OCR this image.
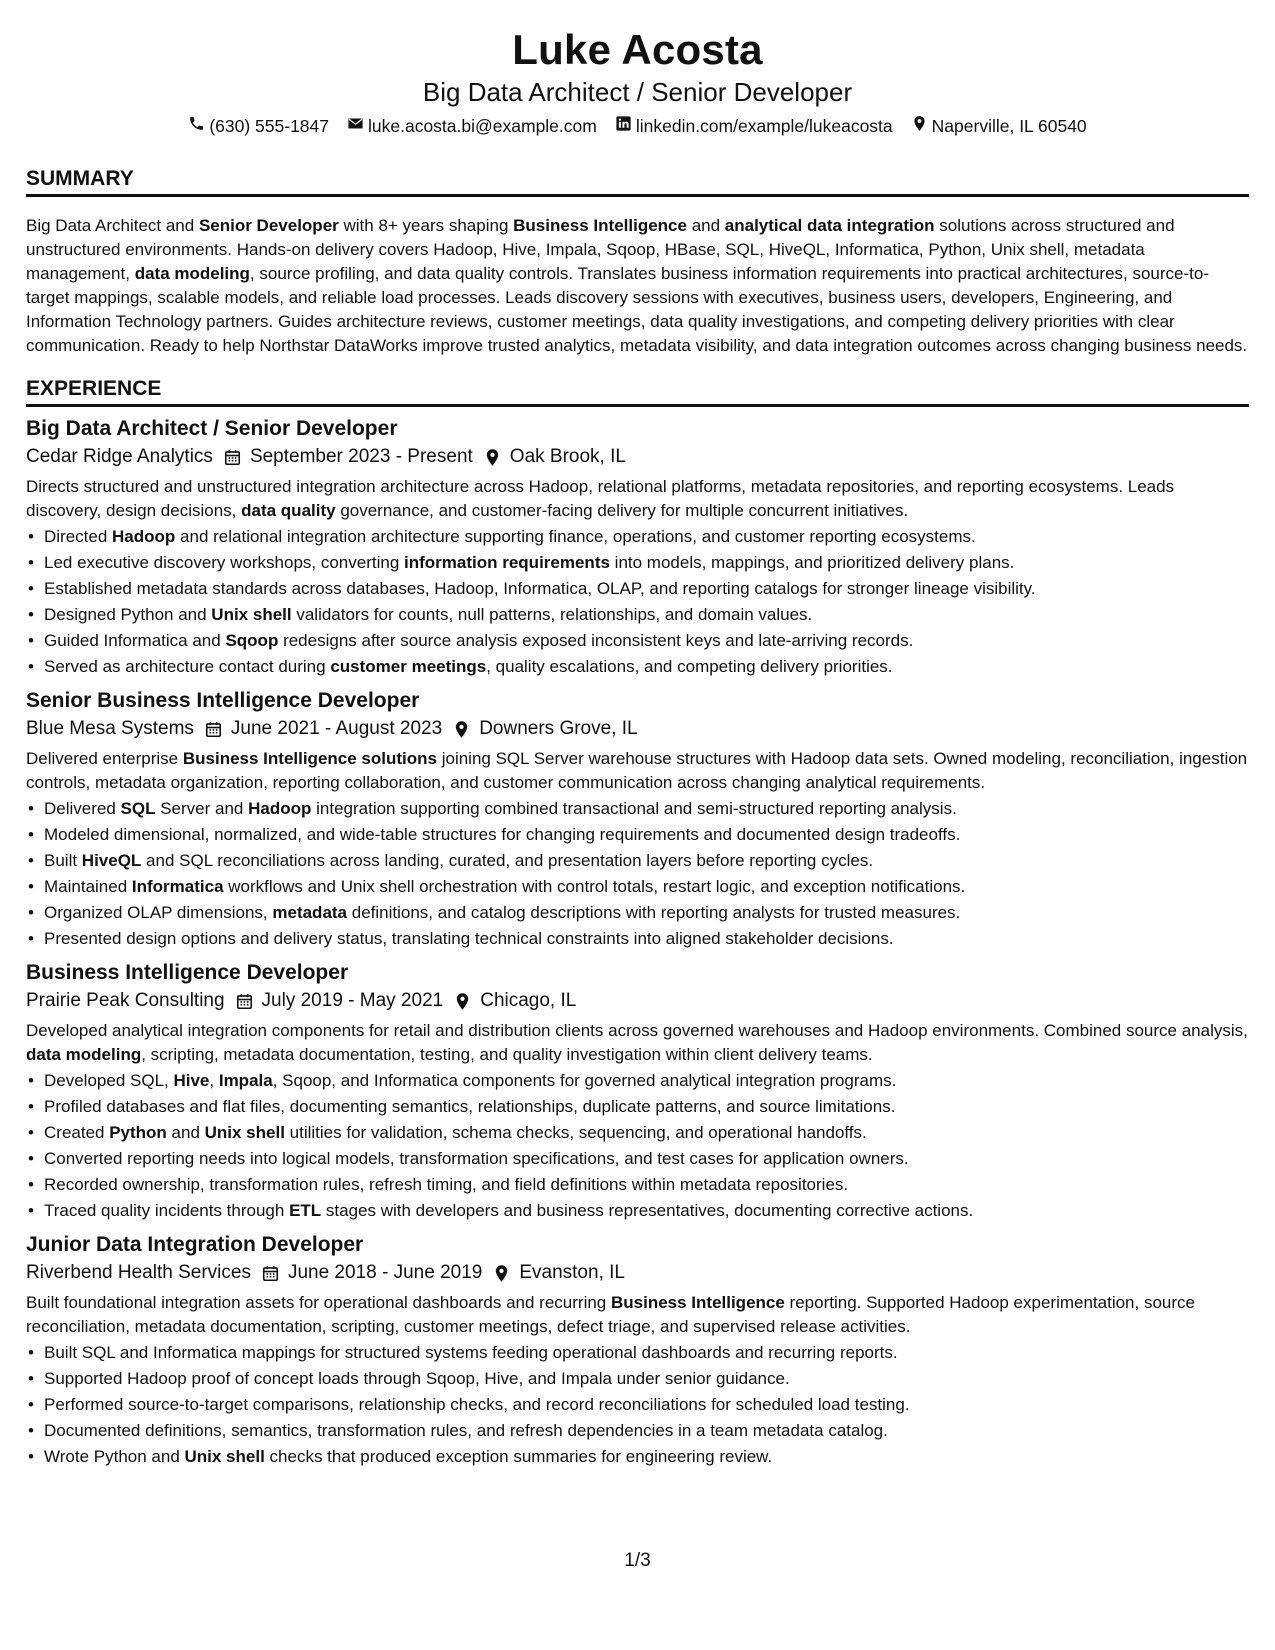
Luke Acosta
Big Data Architect / Senior Developer
(630) 555-1847 luke.acosta.bi@example.com linkedin.com/example/lukeacosta Naperville, IL 60540
SUMMARY

Big Data Architect and Senior Developer with 8+ years shaping Business Intelligence and analytical data integration solutions across structured and unstructured environments. Hands-on delivery covers Hadoop, Hive, Impala, Sqoop, HBase, SQL, HiveQL, Informatica, Python, Unix shell, metadata management, data modeling, source profiling, and data quality controls. Translates business information requirements into practical architectures, source-to-target mappings, scalable models, and reliable load processes. Leads discovery sessions with executives, business users, developers, Engineering, and Information Technology partners. Guides architecture reviews, customer meetings, data quality investigations, and competing delivery priorities with clear communication. Ready to help Northstar DataWorks improve trusted analytics, metadata visibility, and data integration outcomes across changing business needs.

EXPERIENCE
Big Data Architect / Senior Developer
Cedar Ridge Analytics September 2023 - Present Oak Brook, IL

Directs structured and unstructured integration architecture across Hadoop, relational platforms, metadata repositories, and reporting ecosystems. Leads discovery, design decisions, data quality governance, and customer-facing delivery for multiple concurrent initiatives.

• Directed Hadoop and relational integration architecture supporting finance, operations, and customer reporting ecosystems.
• Led executive discovery workshops, converting information requirements into models, mappings, and prioritized delivery plans.
• Established metadata standards across databases, Hadoop, Informatica, OLAP, and reporting catalogs for stronger lineage visibility.
• Designed Python and Unix shell validators for counts, null patterns, relationships, and domain values.
• Guided Informatica and Sqoop redesigns after source analysis exposed inconsistent keys and late-arriving records.
• Served as architecture contact during customer meetings, quality escalations, and competing delivery priorities.
Senior Business Intelligence Developer
Blue Mesa Systems June 2021 - August 2023 Downers Grove, IL

Delivered enterprise Business Intelligence solutions joining SQL Server warehouse structures with Hadoop data sets. Owned modeling, reconciliation, ingestion controls, metadata organization, reporting collaboration, and customer communication across changing analytical requirements.

• Delivered SQL Server and Hadoop integration supporting combined transactional and semi-structured reporting analysis.
• Modeled dimensional, normalized, and wide-table structures for changing requirements and documented design tradeoffs.
• Built HiveQL and SQL reconciliations across landing, curated, and presentation layers before reporting cycles.
• Maintained Informatica workflows and Unix shell orchestration with control totals, restart logic, and exception notifications.
• Organized OLAP dimensions, metadata definitions, and catalog descriptions with reporting analysts for trusted measures.
• Presented design options and delivery status, translating technical constraints into aligned stakeholder decisions.
Business Intelligence Developer
Prairie Peak Consulting July 2019 - May 2021 Chicago, IL

Developed analytical integration components for retail and distribution clients across governed warehouses and Hadoop environments. Combined source analysis, data modeling, scripting, metadata documentation, testing, and quality investigation within client delivery teams.

• Developed SQL, Hive, Impala, Sqoop, and Informatica components for governed analytical integration programs.
• Profiled databases and flat files, documenting semantics, relationships, duplicate patterns, and source limitations.
• Created Python and Unix shell utilities for validation, schema checks, sequencing, and operational handoffs.
• Converted reporting needs into logical models, transformation specifications, and test cases for application owners.
• Recorded ownership, transformation rules, refresh timing, and field definitions within metadata repositories.
• Traced quality incidents through ETL stages with developers and business representatives, documenting corrective actions.
Junior Data Integration Developer
Riverbend Health Services June 2018 - June 2019 Evanston, IL

Built foundational integration assets for operational dashboards and recurring Business Intelligence reporting. Supported Hadoop experimentation, source reconciliation, metadata documentation, scripting, customer meetings, defect triage, and supervised release activities.

• Built SQL and Informatica mappings for structured systems feeding operational dashboards and recurring reports.
• Supported Hadoop proof of concept loads through Sqoop, Hive, and Impala under senior guidance.
• Performed source-to-target comparisons, relationship checks, and record reconciliations for scheduled load testing.
• Documented definitions, semantics, transformation rules, and refresh dependencies in a team metadata catalog.
• Wrote Python and Unix shell checks that produced exception summaries for engineering review.
1/3
